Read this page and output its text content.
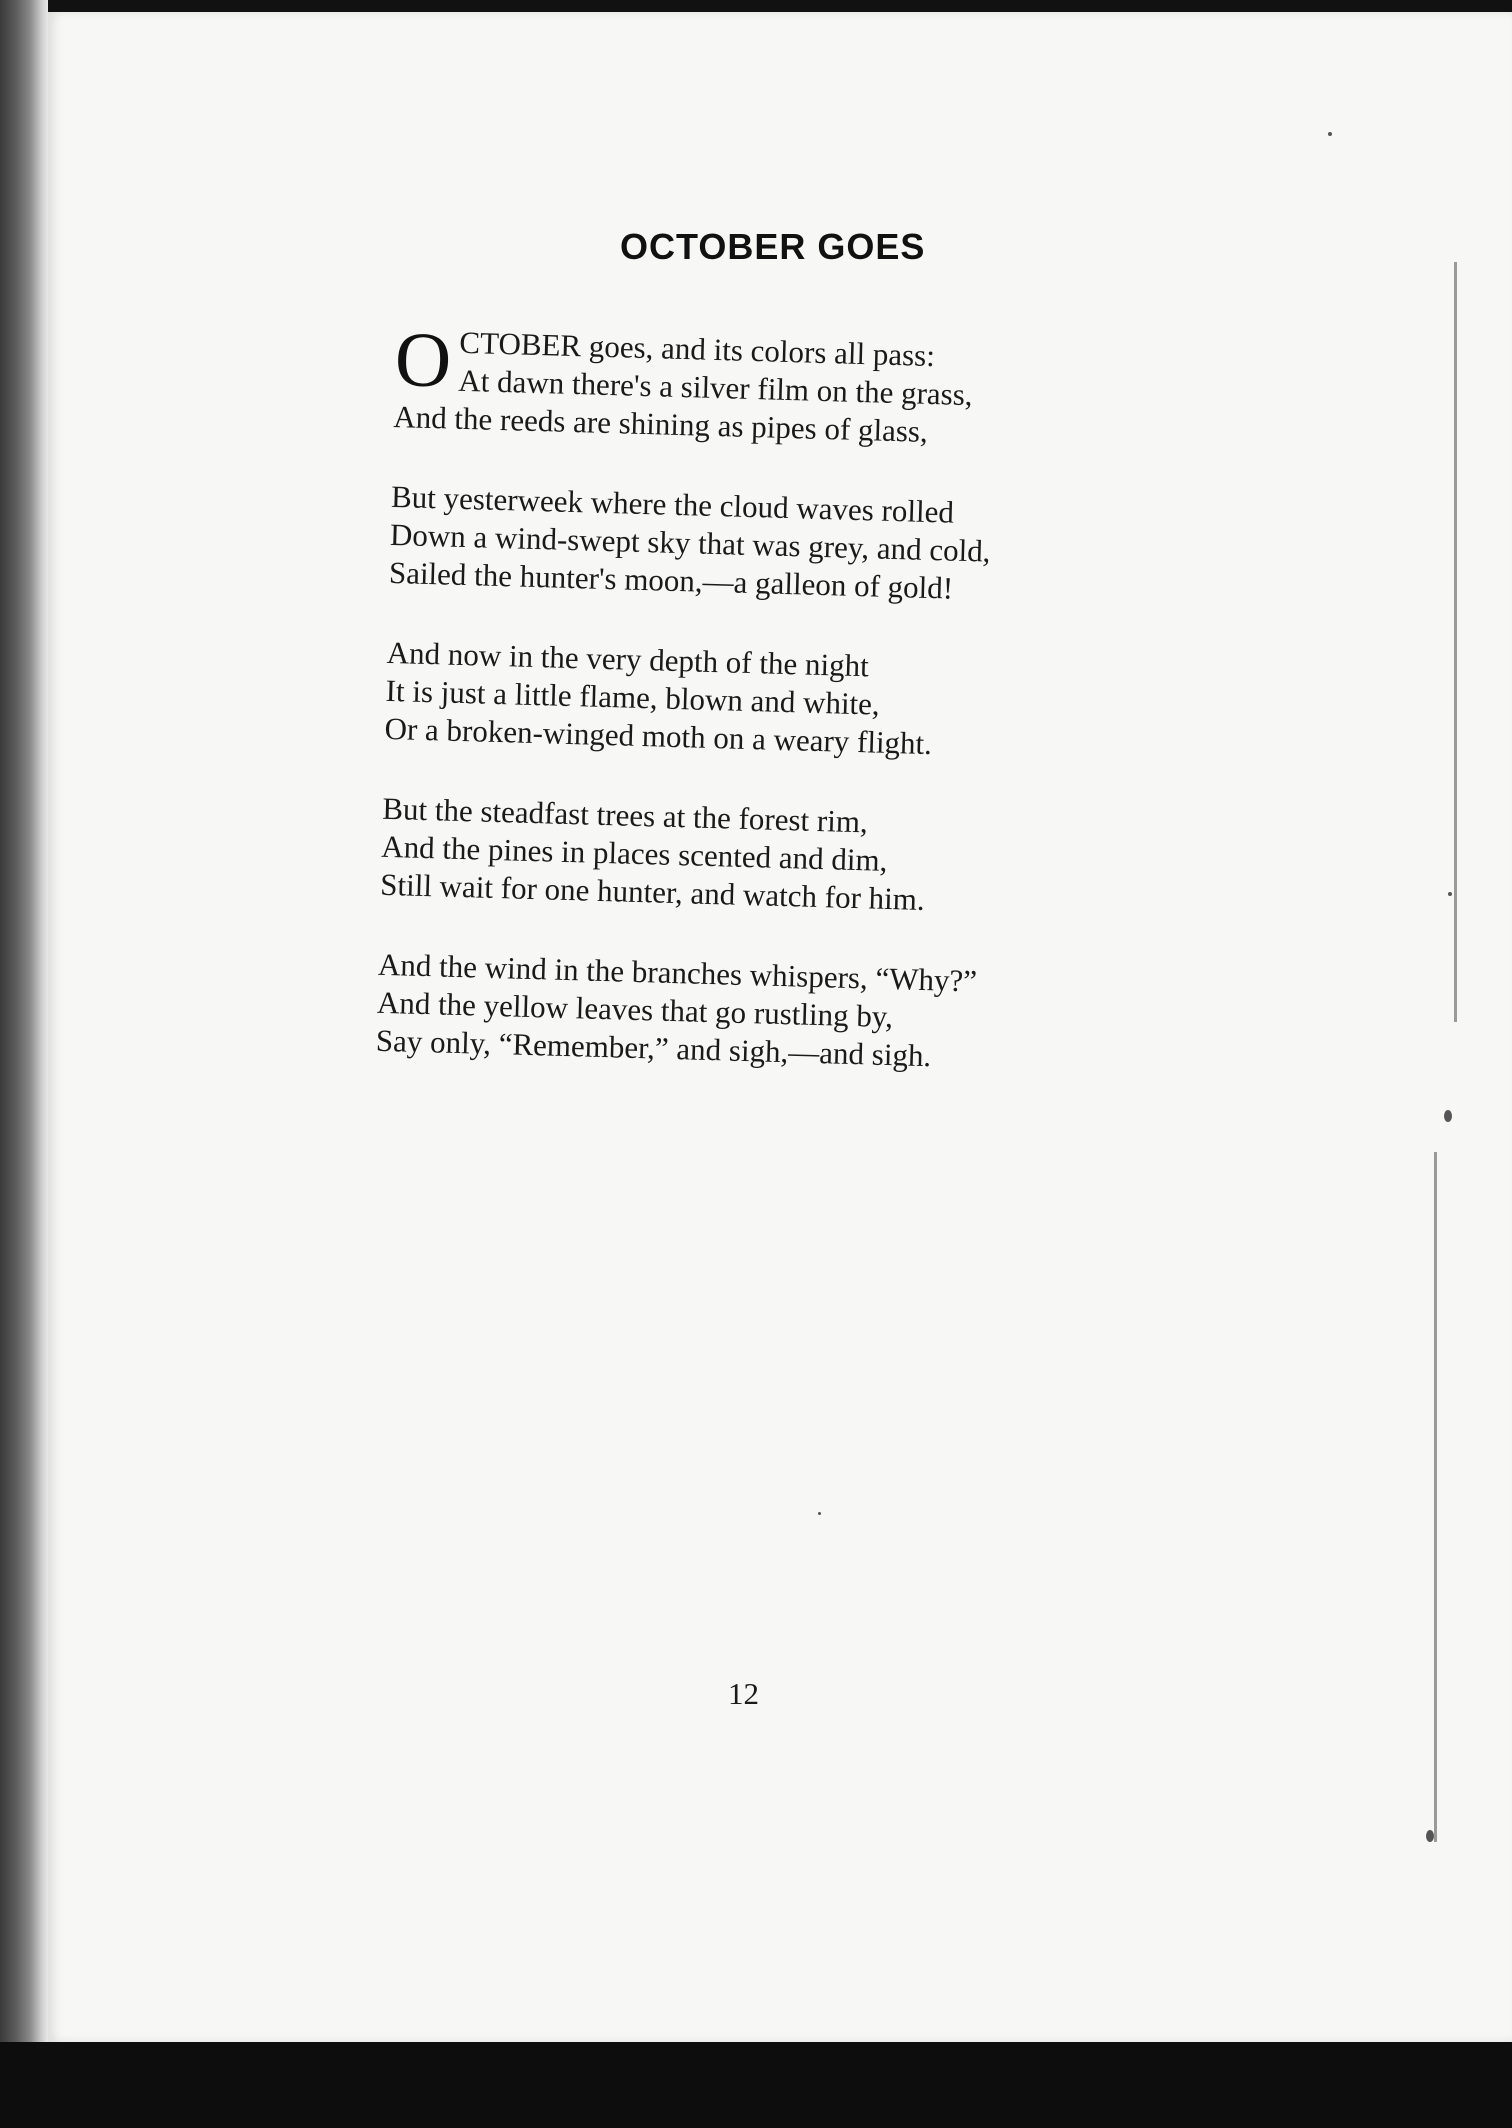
OCTOBER GOES
O CTOBER goes, and its colors all pass:
At dawn there's a silver film on the grass,
And the reeds are shining as pipes of glass,
But yesterweek where the cloud waves rolled
Down a wind-swept sky that was grey, and cold,
Sailed the hunter's moon,—a galleon of gold!
And now in the very depth of the night
It is just a little flame, blown and white,
Or a broken-winged moth on a weary flight.
But the steadfast trees at the forest rim,
And the pines in places scented and dim,
Still wait for one hunter, and watch for him.
And the wind in the branches whispers, “Why?”
And the yellow leaves that go rustling by,
Say only, “Remember,” and sigh,—and sigh.
12
